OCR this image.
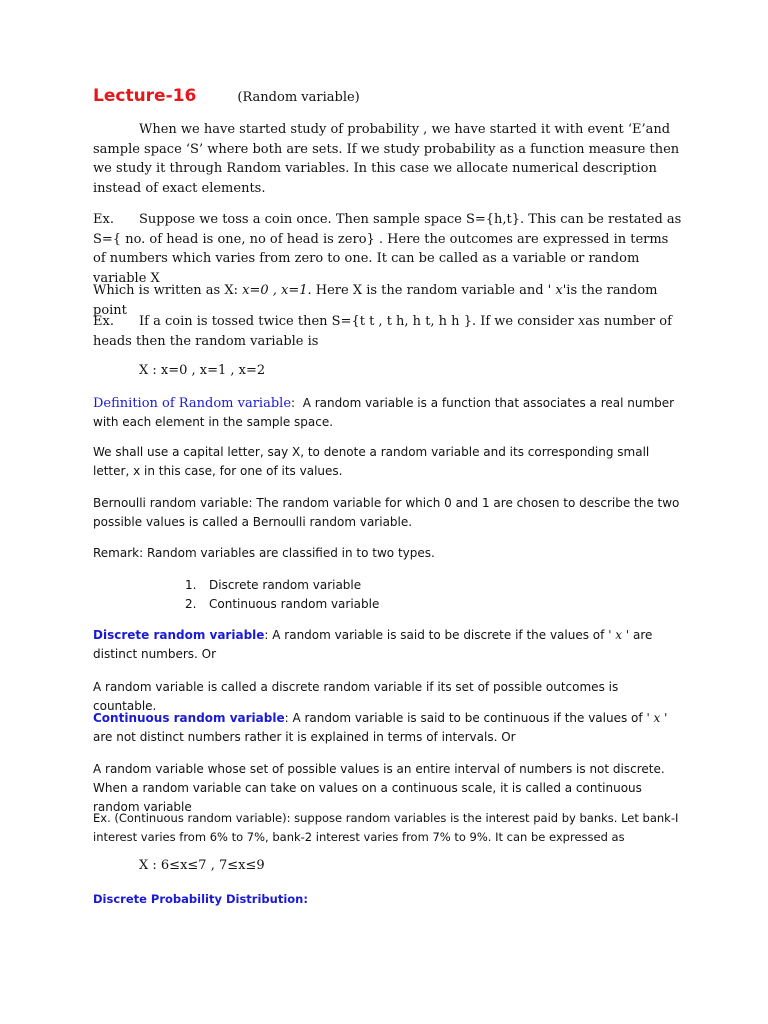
Lecture-16	(Random variable)

When we have started study of probability , we have started it with event ‘E’and sample space ‘S’ where both are sets. If we study probability as a function measure then we study it through Random variables. In this case we allocate numerical description instead of exact elements.

Ex. Suppose we toss a coin once. Then sample space S={h,t}. This can be restated as S={ no. of head is one, no of head is zero} . Here the outcomes are expressed in terms of numbers which varies from zero to one. It can be called as a variable or random variable X

Which is written as X: x=0 , x=1. Here X is the random variable and ' x'is the random point

Ex. If a coin is tossed twice then S={t t , t h, h t, h h }. If we consider xas number of heads then the random variable is

X : x=0 , x=1 , x=2

Definition of Random variable: A random variable is a function that associates a real number with each element in the sample space.

We shall use a capital letter, say X, to denote a random variable and its corresponding small letter, x in this case, for one of its values.

Bernoulli random variable: The random variable for which 0 and 1 are chosen to describe the two possible values is called a Bernoulli random variable.

Remark: Random variables are classified in to two types.

1. Discrete random variable
2. Continuous random variable

Discrete random variable: A random variable is said to be discrete if the values of ' x ' are distinct numbers. Or

A random variable is called a discrete random variable if its set of possible outcomes is countable.

Continuous random variable: A random variable is said to be continuous if the values of ' x ' are not distinct numbers rather it is explained in terms of intervals. Or

A random variable whose set of possible values is an entire interval of numbers is not discrete. When a random variable can take on values on a continuous scale, it is called a continuous random variable

Ex. (Continuous random variable): suppose random variables is the interest paid by banks. Let bank-I interest varies from 6% to 7%, bank-2 interest varies from 7% to 9%. It can be expressed as

X : 6≤x≤7 , 7≤x≤9

Discrete Probability Distribution:
